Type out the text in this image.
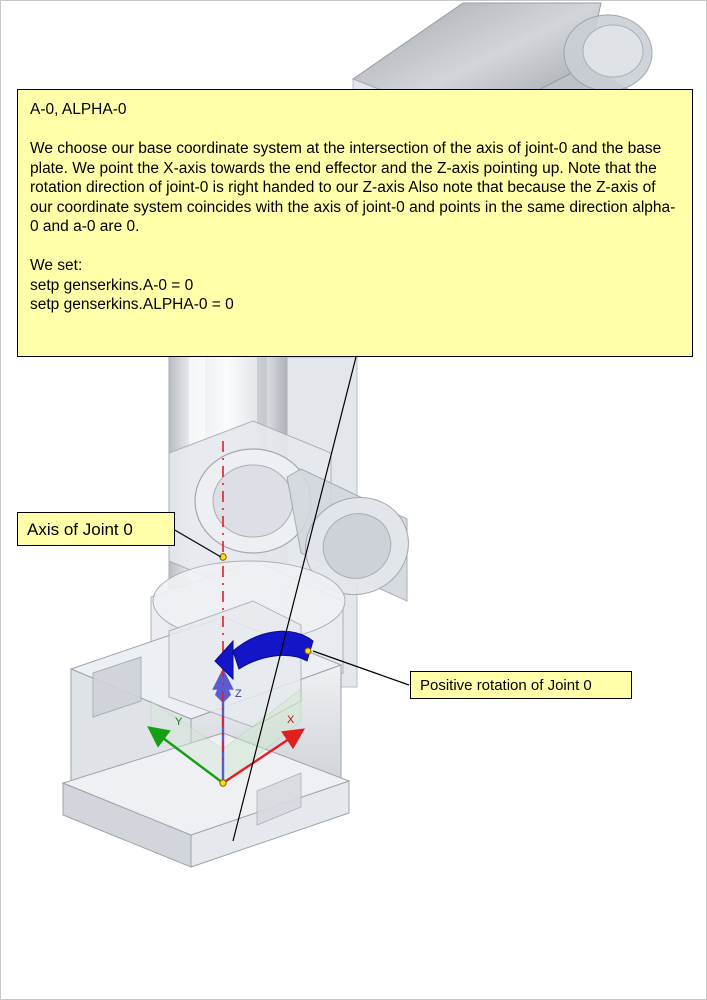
Z
X
Y
A-0, ALPHA-0

We choose our base coordinate system at the intersection of the axis of joint-0 and the base plate. We point the X-axis towards the end effector and the Z-axis pointing up. Note that the rotation direction of joint-0 is right handed to our Z-axis Also note that because the Z-axis of our coordinate system coincides with the axis of joint-0 and points in the same direction alpha-0 and a-0 are 0.

We set:
setp genserkins.A-0 = 0
setp genserkins.ALPHA-0 = 0
Axis of Joint 0
Positive rotation of Joint 0
